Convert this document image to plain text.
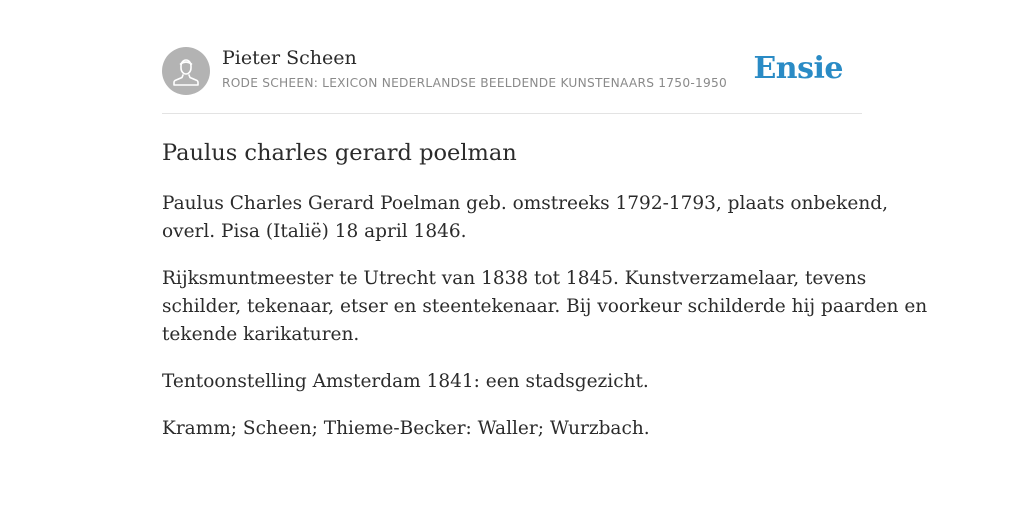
Pieter Scheen
RODE SCHEEN: LEXICON NEDERLANDSE BEELDENDE KUNSTENAARS 1750-1950 Ensie
Paulus charles gerard poelman

Paulus Charles Gerard Poelman geb. omstreeks 1792-1793, plaats onbekend,
overl. Pisa (Italië) 18 april 1846.

Rijksmuntmeester te Utrecht van 1838 tot 1845. Kunstverzamelaar, tevens
schilder, tekenaar, etser en steentekenaar. Bij voorkeur schilderde hij paarden en
tekende karikaturen.

Tentoonstelling Amsterdam 1841: een stadsgezicht.

Kramm; Scheen; Thieme-Becker: Waller; Wurzbach.
